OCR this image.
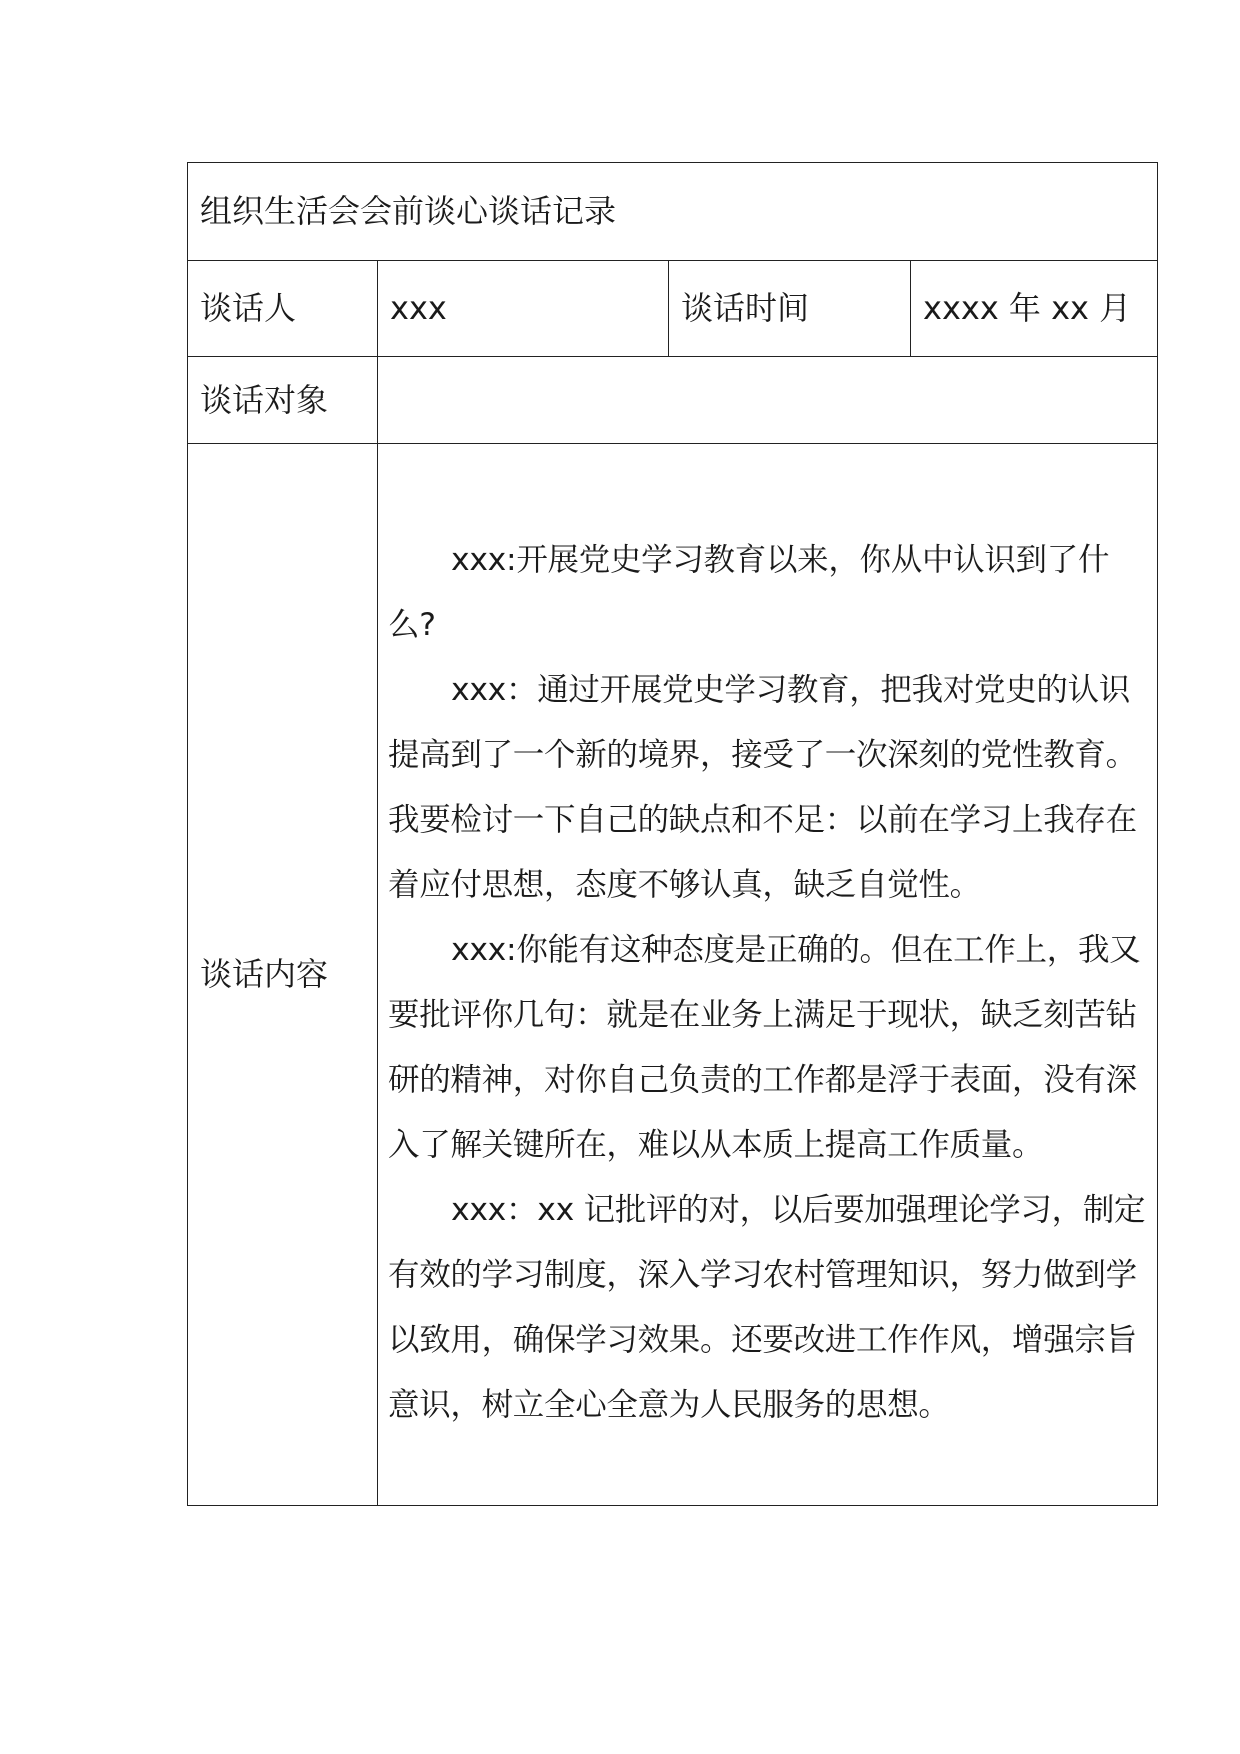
组织生活会会前谈心谈话记录			
谈话人	xxx	谈话时间	xxxx 年 xx 月
谈话对象			
谈话内容	xxx:开展党史学习教育以来，你从中认识到了什么?

xxx：通过开展党史学习教育，把我对党史的认识提高到了一个新的境界，接受了一次深刻的党性教育。我要检讨一下自己的缺点和不足：以前在学习上我存在着应付思想，态度不够认真，缺乏自觉性。

xxx:你能有这种态度是正确的。但在工作上，我又要批评你几句：就是在业务上满足于现状，缺乏刻苦钻研的精神，对你自己负责的工作都是浮于表面，没有深入了解关键所在，难以从本质上提高工作质量。

xxx：xx 记批评的对，以后要加强理论学习，制定有效的学习制度，深入学习农村管理知识，努力做到学以致用，确保学习效果。还要改进工作作风，增强宗旨意识，树立全心全意为人民服务的思想。		
